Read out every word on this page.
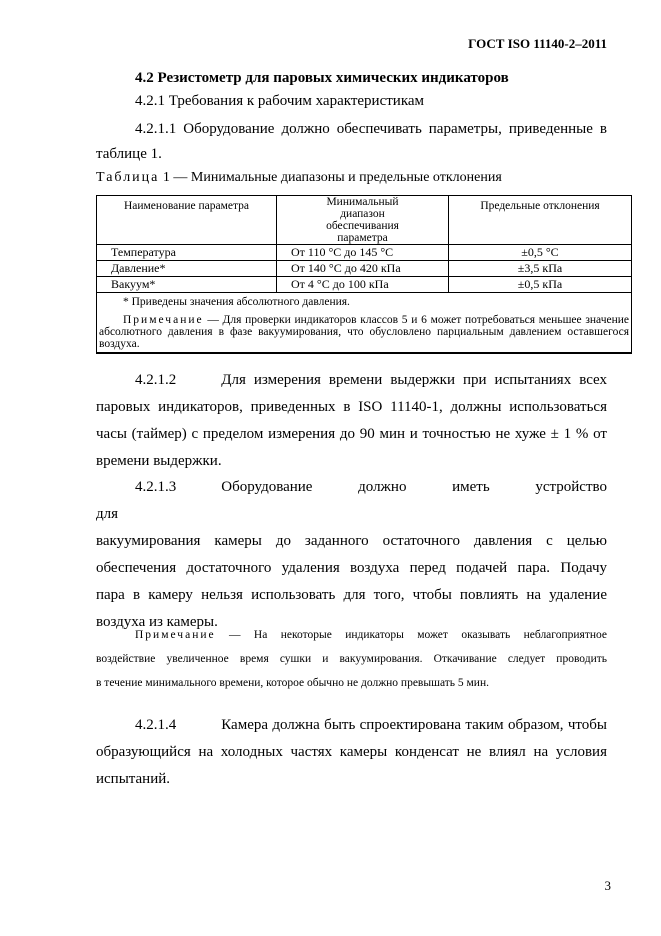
ГОСТ ISO 11140-2–2011
4.2 Резистометр для паровых химических индикаторов
4.2.1 Требования к рабочим характеристикам
4.2.1.1 Оборудование должно обеспечивать параметры, приведенные в
таблице 1.
Таблица 1 — Минимальные диапазоны и предельные отклонения
Наименование параметра	Минимальный диапазон обеспечивания параметра	Предельные отклонения
Температура	От 110 °С до 145 °С	±0,5 °С
Давление*	От 140 °С до 420 кПа	±3,5 кПа
Вакуум*	От 4 °С до 100 кПа	±0,5 кПа

* Приведены значения абсолютного давления.
Примечание — Для проверки индикаторов классов 5 и 6 может потребоваться меньшее значение абсолютного давления в фазе вакуумирования, что обусловлено парциальным давлением оставшегося воздуха.		
4.2.1.2	Для измерения времени выдержки при испытаниях всех
паровых индикаторов, приведенных в ISO 11140-1, должны использоваться
часы (таймер) с пределом измерения до 90 мин и точностью не хуже ± 1 % от
времени выдержки.
4.2.1.3	Оборудование должно иметь устройство для
вакуумирования камеры до заданного остаточного давления с целью
обеспечения достаточного удаления воздуха перед подачей пара. Подачу
пара в камеру нельзя использовать для того, чтобы повлиять на удаление
воздуха из камеры.
Примечание — На некоторые индикаторы может оказывать неблагоприятное
воздействие увеличенное время сушки и вакуумирования. Откачивание следует проводить
в течение минимального времени, которое обычно не должно превышать 5 мин.
4.2.1.4	Камера должна быть спроектирована таким образом, чтобы
образующийся на холодных частях камеры конденсат не влиял на условия
испытаний.
3
